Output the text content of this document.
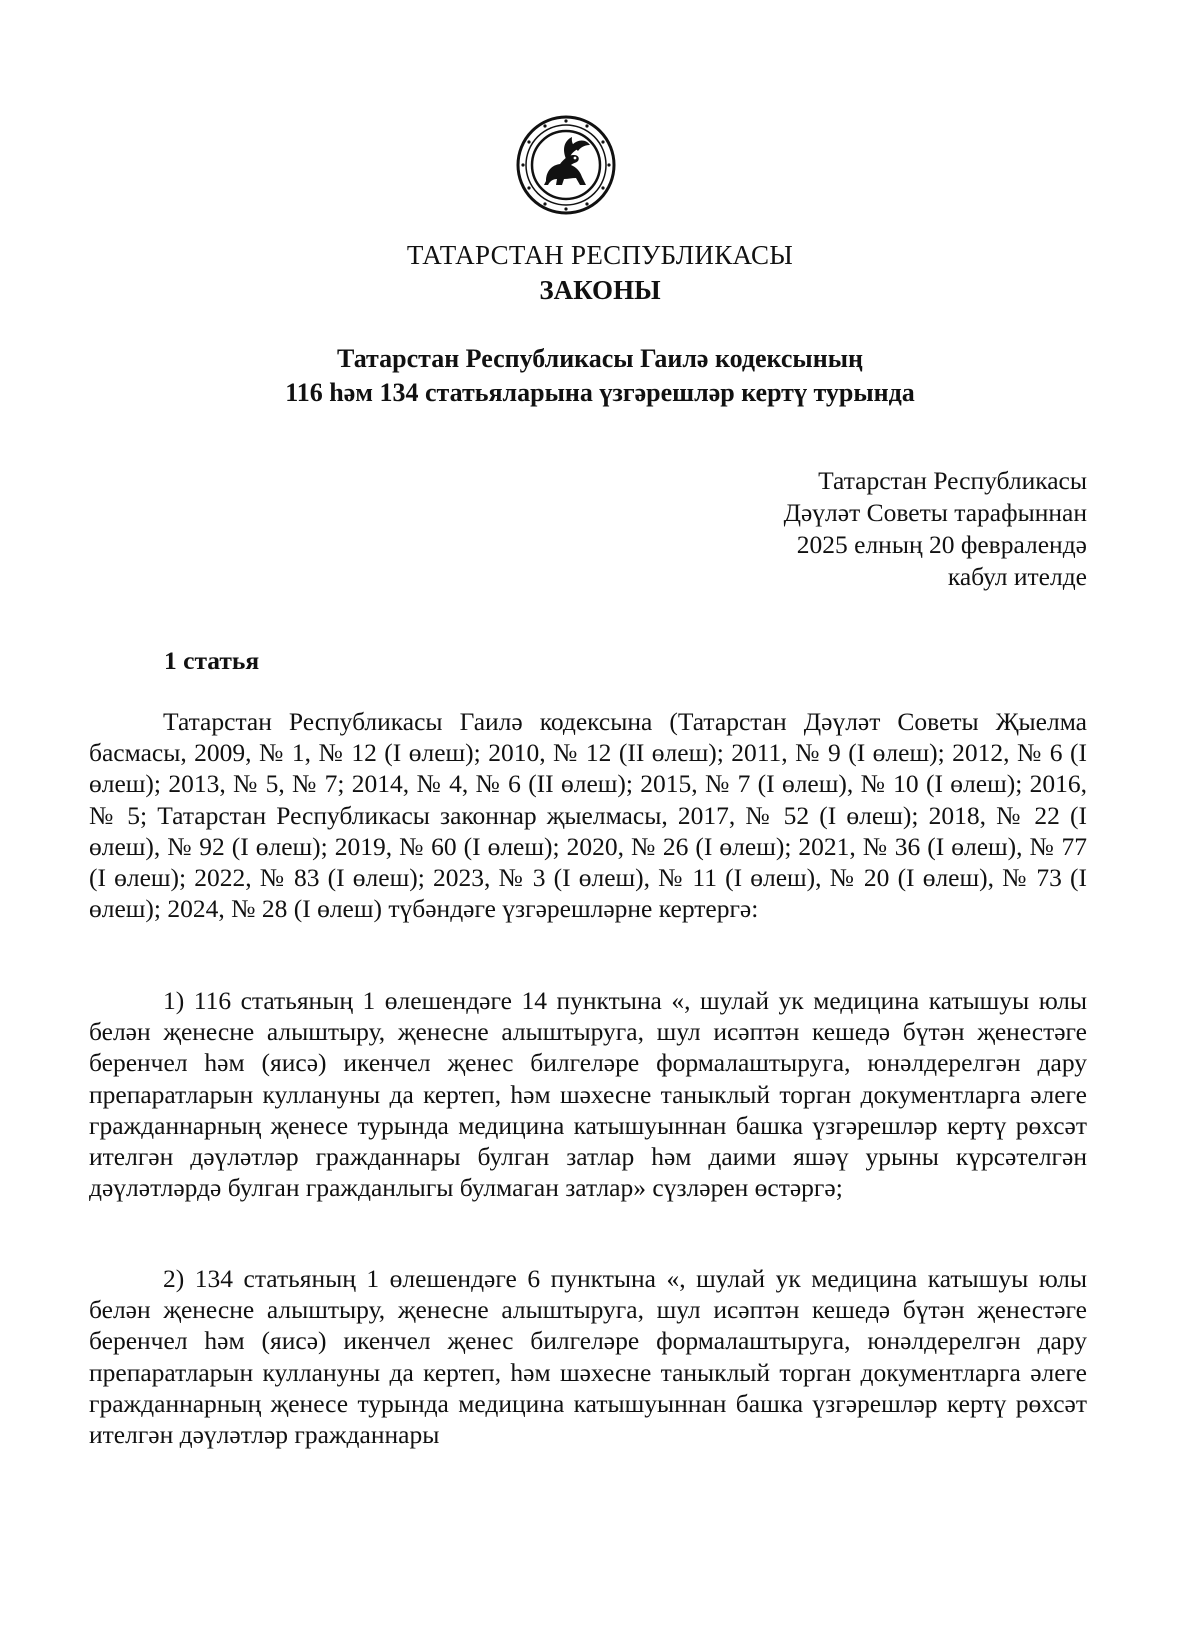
ТАТАРСТАН РЕСПУБЛИКАСЫ
ЗАКОНЫ
Татарстан Республикасы Гаилә кодексының
116 һәм 134 статьяларына үзгәрешләр кертү турында
Татарстан Республикасы
Дәүләт Советы тарафыннан
2025 елның 20 февралендә
кабул ителде
1 статья

Татарстан Республикасы Гаилә кодексына (Татарстан Дәүләт Советы Җыелма басмасы, 2009, № 1, № 12 (I өлеш); 2010, № 12 (II өлеш); 2011, № 9 (I өлеш); 2012, № 6 (I өлеш); 2013, № 5, № 7; 2014, № 4, № 6 (II өлеш); 2015, № 7 (I өлеш), № 10 (I өлеш); 2016, № 5; Татарстан Республикасы законнар җыелмасы, 2017, № 52 (I өлеш); 2018, № 22 (I өлеш), № 92 (I өлеш); 2019, № 60 (I өлеш); 2020, № 26 (I өлеш); 2021, № 36 (I өлеш), № 77 (I өлеш); 2022, № 83 (I өлеш); 2023, № 3 (I өлеш), № 11 (I өлеш), № 20 (I өлеш), № 73 (I өлеш); 2024, № 28 (I өлеш) түбәндәге үзгәрешләрне кертергә:

1) 116 статьяның 1 өлешендәге 14 пунктына «, шулай ук медицина катышуы юлы белән җенесне алыштыру, җенесне алыштыруга, шул исәптән кешедә бүтән җенестәге беренчел һәм (яисә) икенчел җенес билгеләре формалаштыруга, юнәлдерелгән дару препаратларын куллануны да кертеп, һәм шәхесне таныклый торган документларга әлеге гражданнарның җенесе турында медицина катышуыннан башка үзгәрешләр кертү рөхсәт ителгән дәүләтләр гражданнары булган затлар һәм даими яшәү урыны күрсәтелгән дәүләтләрдә булган гражданлыгы булмаган затлар» сүзләрен өстәргә;

2) 134 статьяның 1 өлешендәге 6 пунктына «, шулай ук медицина катышуы юлы белән җенесне алыштыру, җенесне алыштыруга, шул исәптән кешедә бүтән җенестәге беренчел һәм (яисә) икенчел җенес билгеләре формалаштыруга, юнәлдерелгән дару препаратларын куллануны да кертеп, һәм шәхесне таныклый торган документларга әлеге гражданнарның җенесе турында медицина катышуыннан башка үзгәрешләр кертү рөхсәт ителгән дәүләтләр гражданнары
